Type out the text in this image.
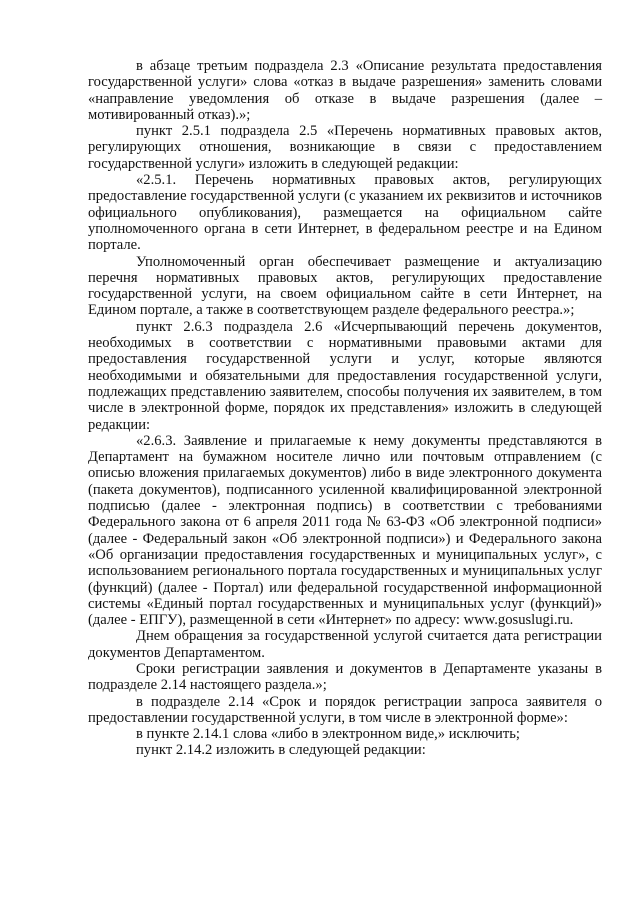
в абзаце третьим подраздела 2.3 «Описание результата предоставления государственной услуги» слова «отказ в выдаче разрешения» заменить словами «направление уведомления об отказе в выдаче разрешения (далее – мотивированный отказ).»;

пункт 2.5.1 подраздела 2.5 «Перечень нормативных правовых актов, регулирующих отношения, возникающие в связи с предоставлением государственной услуги» изложить в следующей редакции:

«2.5.1. Перечень нормативных правовых актов, регулирующих предоставление государственной услуги (с указанием их реквизитов и источников официального опубликования), размещается на официальном сайте уполномоченного органа в сети Интернет, в федеральном реестре и на Едином портале.

Уполномоченный орган обеспечивает размещение и актуализацию перечня нормативных правовых актов, регулирующих предоставление государственной услуги, на своем официальном сайте в сети Интернет, на Едином портале, а также в соответствующем разделе федерального реестра.»;

пункт 2.6.3 подраздела 2.6 «Исчерпывающий перечень документов, необходимых в соответствии с нормативными правовыми актами для предоставления государственной услуги и услуг, которые являются необходимыми и обязательными для предоставления государственной услуги, подлежащих представлению заявителем, способы получения их заявителем, в том числе в электронной форме, порядок их представления» изложить в следующей редакции:

«2.6.3. Заявление и прилагаемые к нему документы представляются в Департамент на бумажном носителе лично или почтовым отправлением (с описью вложения прилагаемых документов) либо в виде электронного документа (пакета документов), подписанного усиленной квалифицированной электронной подписью (далее - электронная подпись) в соответствии с требованиями Федерального закона от 6 апреля 2011 года № 63-ФЗ «Об электронной подписи» (далее - Федеральный закон «Об электронной подписи») и Федерального закона «Об организации предоставления государственных и муниципальных услуг», с использованием регионального портала государственных и муниципальных услуг (функций) (далее - Портал) или федеральной государственной информационной системы «Единый портал государственных и муниципальных услуг (функций)» (далее - ЕПГУ), размещенной в сети «Интернет» по адресу: www.gosuslugi.ru.

Днем обращения за государственной услугой считается дата регистрации документов Департаментом.

Сроки регистрации заявления и документов в Департаменте указаны в подразделе 2.14 настоящего раздела.»;

в подразделе 2.14 «Срок и порядок регистрации запроса заявителя о предоставлении государственной услуги, в том числе в электронной форме»:

в пункте 2.14.1 слова «либо в электронном виде,» исключить;

пункт 2.14.2 изложить в следующей редакции:
